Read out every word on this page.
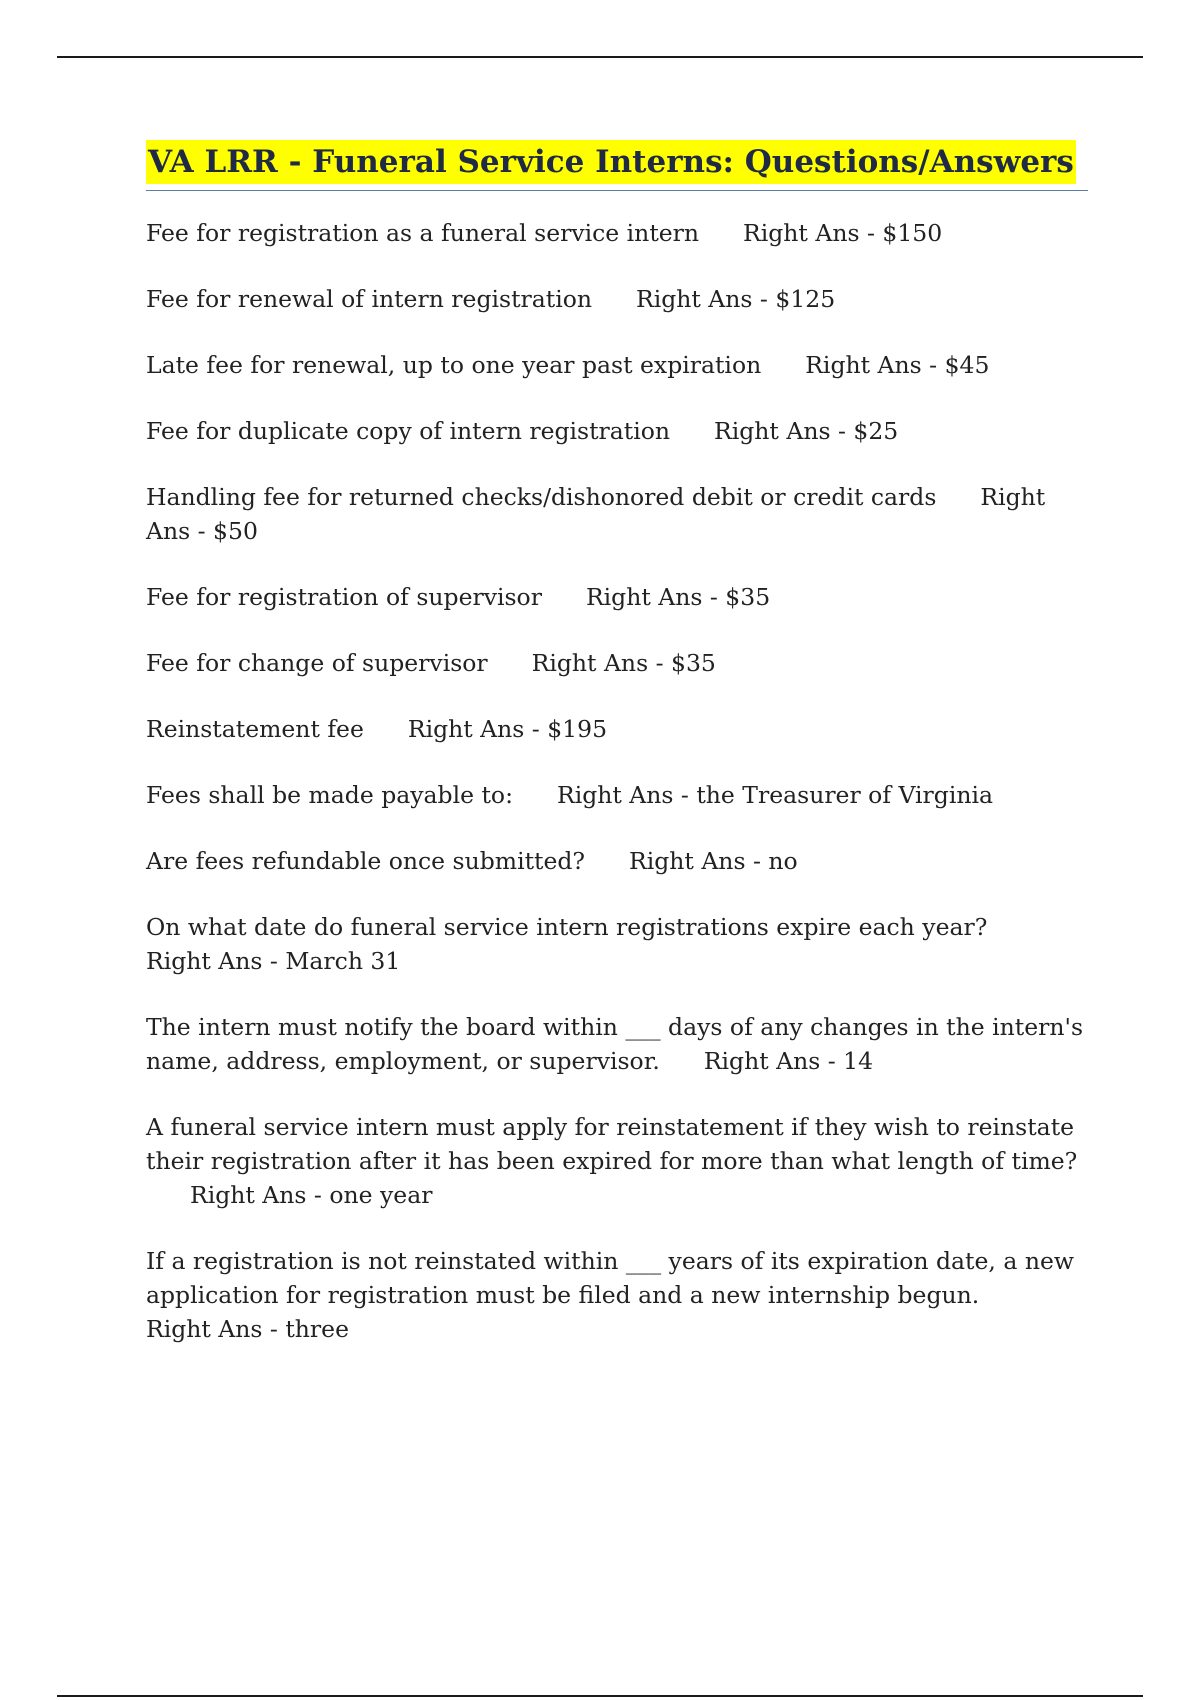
VA LRR - Funeral Service Interns: Questions/Answers

Fee for registration as a funeral service intern Right Ans - $150

Fee for renewal of intern registration Right Ans - $125

Late fee for renewal, up to one year past expiration Right Ans - $45

Fee for duplicate copy of intern registration Right Ans - $25

Handling fee for returned checks/dishonored debit or credit cards Right Ans - $50

Fee for registration of supervisor Right Ans - $35

Fee for change of supervisor Right Ans - $35

Reinstatement fee Right Ans - $195

Fees shall be made payable to: Right Ans - the Treasurer of Virginia

Are fees refundable once submitted? Right Ans - no

On what date do funeral service intern registrations expire each year?Right Ans - March 31

The intern must notify the board within ___ days of any changes in the intern's name, address, employment, or supervisor. Right Ans - 14

A funeral service intern must apply for reinstatement if they wish to reinstate their registration after it has been expired for more than what length of time?Right Ans - one year

If a registration is not reinstated within ___ years of its expiration date, a new application for registration must be filed and a new internship begun.Right Ans - three
